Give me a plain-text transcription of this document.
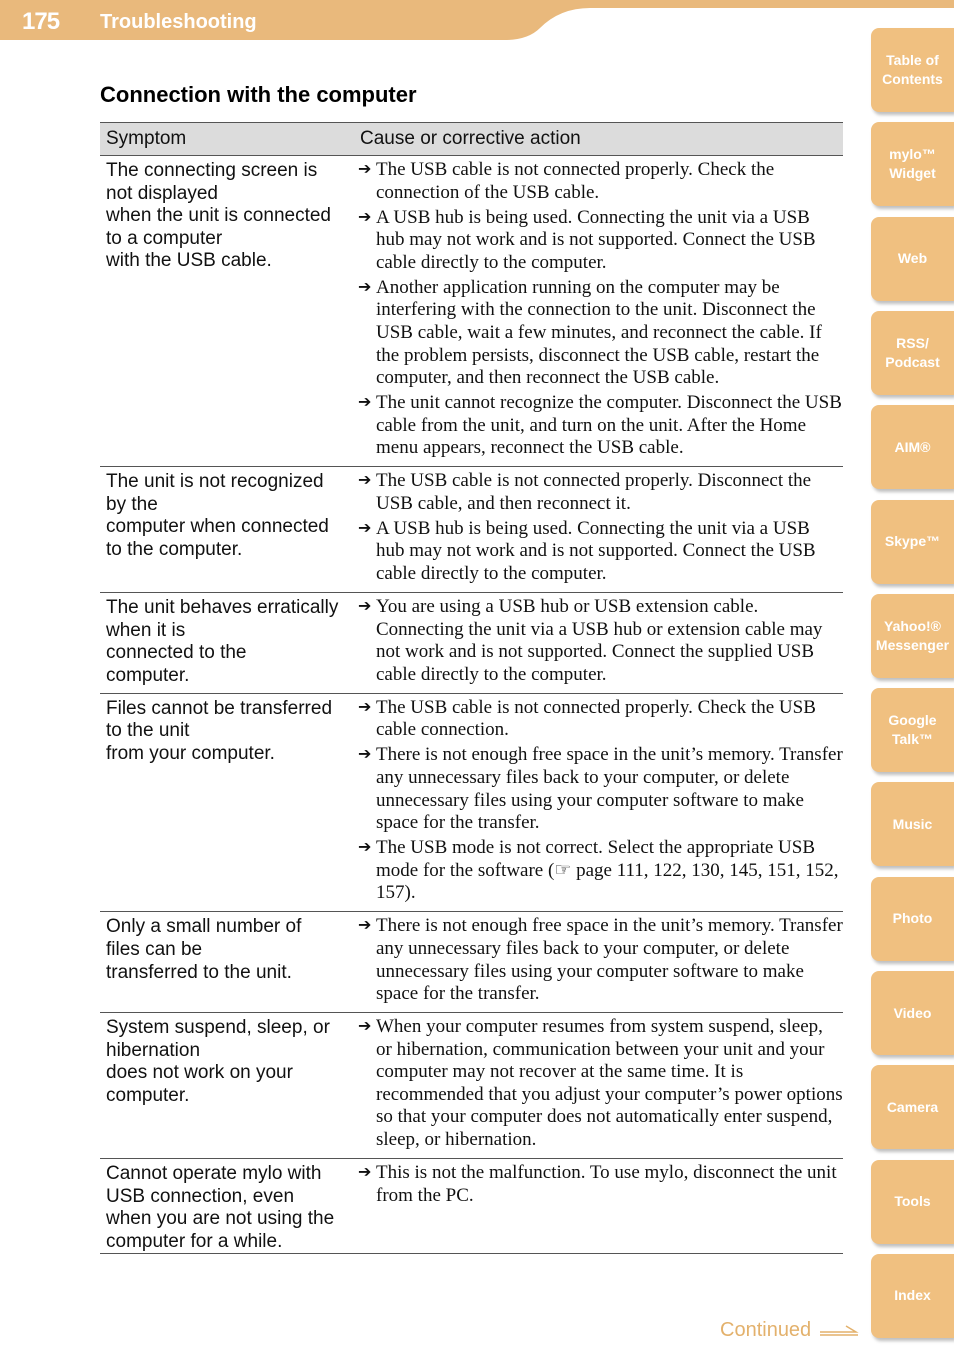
175 Troubleshooting
Connection with the computer
Symptom	Cause or corrective action
The connecting screen is
not displayed
when the unit is connected
to a computer
with the USB cable.
➔ The USB cable is not connected properly. Check the connection of the USB cable.
➔ A USB hub is being used. Connecting the unit via a USB hub may not work and is not supported. Connect the USB cable directly to the computer.
➔ Another application running on the computer may be interfering with the connection to the unit. Disconnect the USB cable, wait a few minutes, and reconnect the cable. If the problem persists, disconnect the USB cable, restart the computer, and then reconnect the USB cable.
➔ The unit cannot recognize the computer. Disconnect the USB cable from the unit, and turn on the unit. After the Home menu appears, reconnect the USB cable.
The unit is not recognized
by the
computer when connected
to the computer.
➔ The USB cable is not connected properly. Disconnect the USB cable, and then reconnect it.
➔ A USB hub is being used. Connecting the unit via a USB hub may not work and is not supported. Connect the USB cable directly to the computer.
The unit behaves erratically
when it is
connected to the
computer.
➔ You are using a USB hub or USB extension cable. Connecting the unit via a USB hub or extension cable may not work and is not supported. Connect the supplied USB cable directly to the computer.
Files cannot be transferred
to the unit
from your computer.
➔ The USB cable is not connected properly. Check the USB cable connection.
➔ There is not enough free space in the unit’s memory. Transfer any unnecessary files back to your computer, or delete unnecessary files using your computer software to make space for the transfer.
➔ The USB mode is not correct. Select the appropriate USB mode for the software (☞ page 111, 122, 130, 145, 151, 152, 157).
Only a small number of
files can be
transferred to the unit.
➔ There is not enough free space in the unit’s memory. Transfer any unnecessary files back to your computer, or delete unnecessary files using your computer software to make space for the transfer.
System suspend, sleep, or
hibernation
does not work on your
computer.
➔ When your computer resumes from system suspend, sleep, or hibernation, communication between your unit and your computer may not recover at the same time. It is recommended that you adjust your computer’s power options so that your computer does not automatically enter suspend, sleep, or hibernation.
Cannot operate mylo with
USB connection, even
when you are not using the
computer for a while.
➔ This is not the malfunction. To use mylo, disconnect the unit from the PC.
Table of
Contents
mylo™
Widget
Web
RSS/
Podcast
AIM®
Skype™
Yahoo!®
Messenger
Google
Talk™
Music
Photo
Video
Camera
Tools
Index
Continued
